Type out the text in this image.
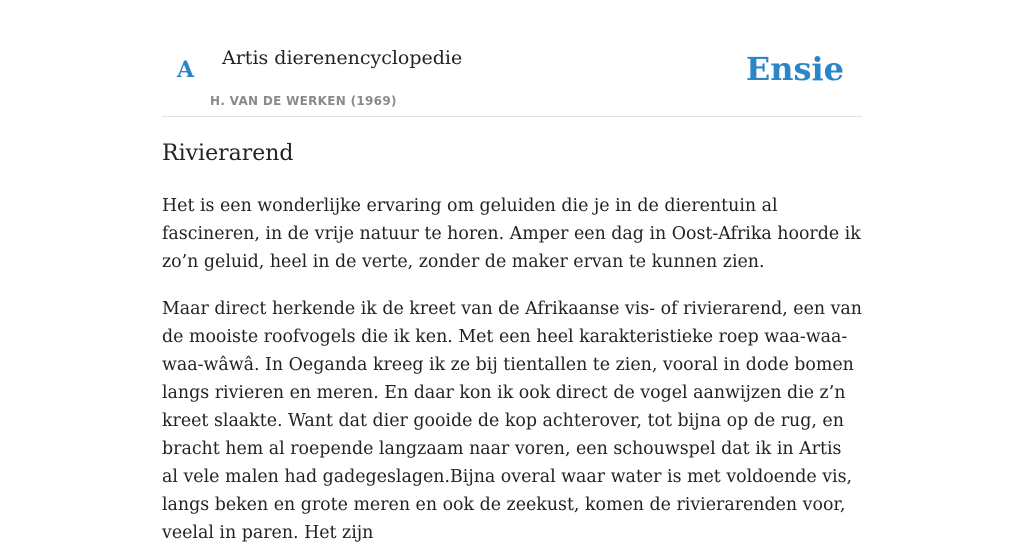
A Artis dierenencyclopedie
H. VAN DE WERKEN (1969)
Ensie
Rivierarend

Het is een wonderlijke ervaring om geluiden die je in de dierentuin al fascineren, in de vrije natuur te horen. Amper een dag in Oost-Afrika hoorde ik zo’n geluid, heel in de verte, zonder de maker ervan te kunnen zien.

Maar direct herkende ik de kreet van de Afrikaanse vis- of rivierarend, een van de mooiste roofvogels die ik ken. Met een heel karakteristieke roep waa-waa-waa-wâwâ. In Oeganda kreeg ik ze bij tientallen te zien, vooral in dode bomen langs rivieren en meren. En daar kon ik ook direct de vogel aanwijzen die z’n kreet slaakte. Want dat dier gooide de kop achterover, tot bijna op de rug, en bracht hem al roepende langzaam naar voren, een schouwspel dat ik in Artis al vele malen had gadegeslagen.Bijna overal waar water is met voldoende vis, langs beken en grote meren en ook de zeekust, komen de rivierarenden voor, veelal in paren. Het zijn
